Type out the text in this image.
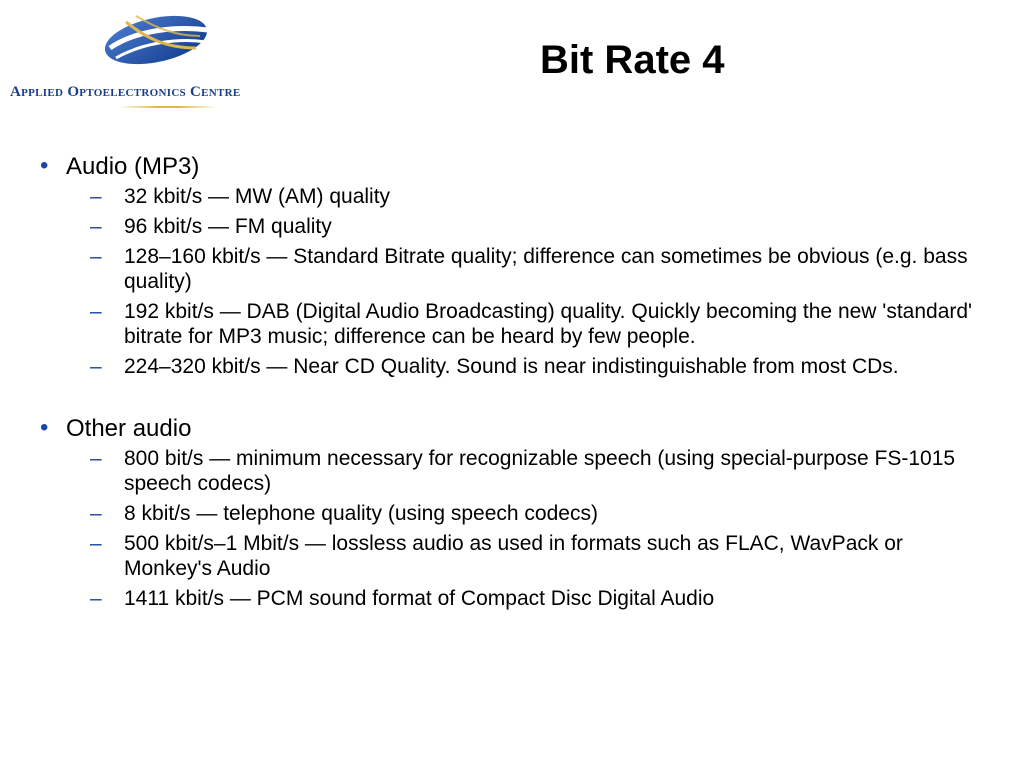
Applied Optoelectronics Centre
Bit Rate 4

• Audio (MP3)

– 32 kbit/s — MW (AM) quality
– 96 kbit/s — FM quality
– 128–160 kbit/s — Standard Bitrate quality; difference can sometimes be obvious (e.g. bass quality)
– 192 kbit/s — DAB (Digital Audio Broadcasting) quality. Quickly becoming the new 'standard' bitrate for MP3 music; difference can be heard by few people.
– 224–320 kbit/s — Near CD Quality. Sound is near indistinguishable from most CDs.

• Other audio

– 800 bit/s — minimum necessary for recognizable speech (using special-purpose FS-1015 speech codecs)
– 8 kbit/s — telephone quality (using speech codecs)
– 500 kbit/s–1 Mbit/s — lossless audio as used in formats such as FLAC, WavPack or Monkey's Audio
– 1411 kbit/s — PCM sound format of Compact Disc Digital Audio
